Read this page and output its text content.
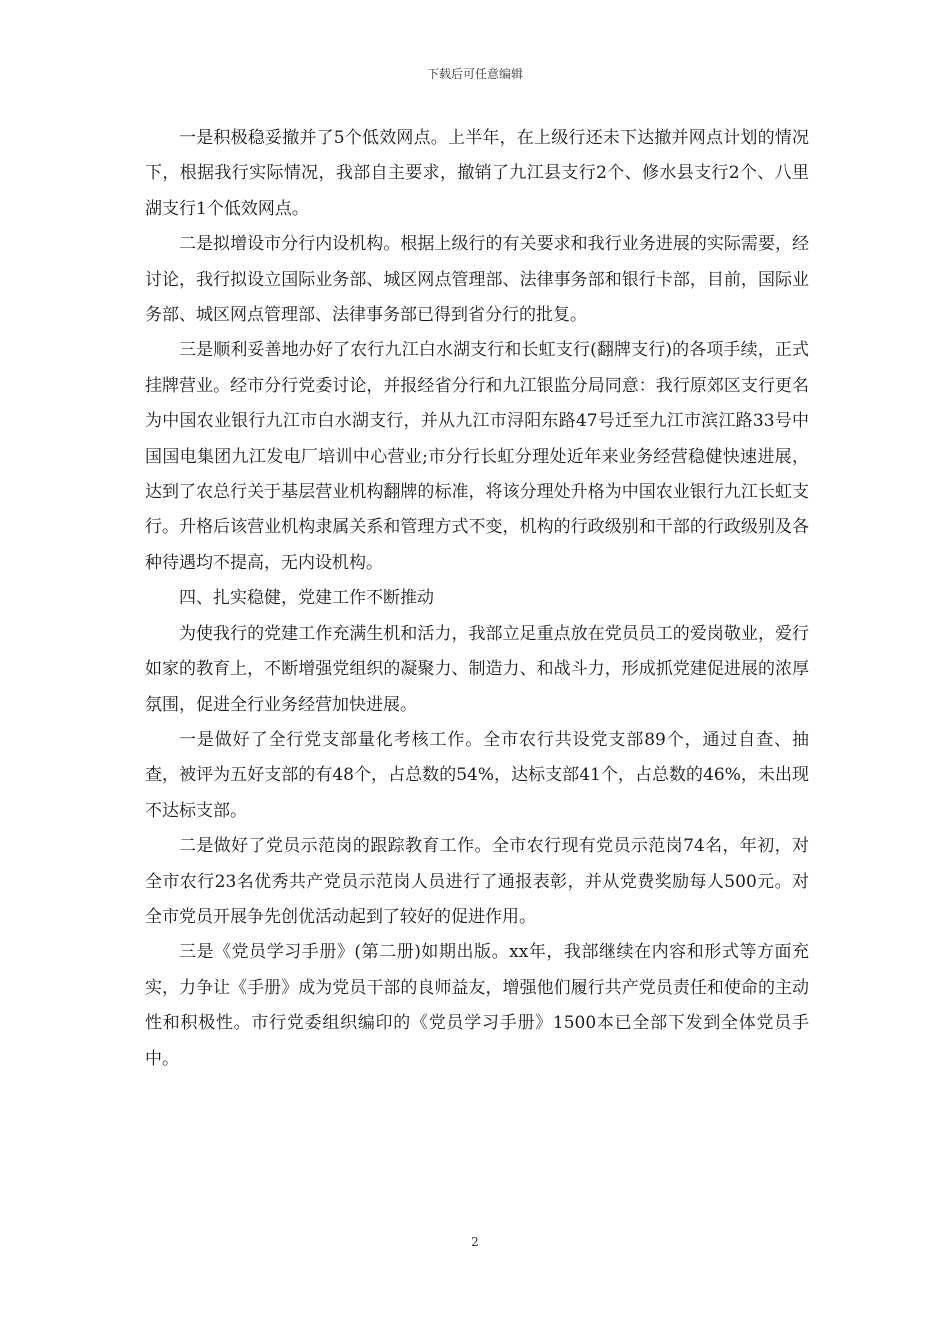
下载后可任意编辑

一是积极稳妥撤并了5个低效网点。上半年，在上级行还未下达撤并网点计划的情况下，根据我行实际情况，我部自主要求，撤销了九江县支行2个、修水县支行2个、八里湖支行1个低效网点。

二是拟增设市分行内设机构。根据上级行的有关要求和我行业务进展的实际需要，经讨论，我行拟设立国际业务部、城区网点管理部、法律事务部和银行卡部，目前，国际业务部、城区网点管理部、法律事务部已得到省分行的批复。

三是顺利妥善地办好了农行九江白水湖支行和长虹支行(翻牌支行)的各项手续，正式挂牌营业。经市分行党委讨论，并报经省分行和九江银监分局同意：我行原郊区支行更名为中国农业银行九江市白水湖支行，并从九江市浔阳东路47号迁至九江市滨江路33号中国国电集团九江发电厂培训中心营业;市分行长虹分理处近年来业务经营稳健快速进展，达到了农总行关于基层营业机构翻牌的标准，将该分理处升格为中国农业银行九江长虹支行。升格后该营业机构隶属关系和管理方式不变，机构的行政级别和干部的行政级别及各种待遇均不提高，无内设机构。

四、扎实稳健，党建工作不断推动

为使我行的党建工作充满生机和活力，我部立足重点放在党员员工的爱岗敬业，爱行如家的教育上，不断增强党组织的凝聚力、制造力、和战斗力，形成抓党建促进展的浓厚氛围，促进全行业务经营加快进展。

一是做好了全行党支部量化考核工作。全市农行共设党支部89个，通过自查、抽查，被评为五好支部的有48个，占总数的54%，达标支部41个，占总数的46%，未出现不达标支部。

二是做好了党员示范岗的跟踪教育工作。全市农行现有党员示范岗74名，年初，对全市农行23名优秀共产党员示范岗人员进行了通报表彰，并从党费奖励每人500元。对全市党员开展争先创优活动起到了较好的促进作用。

三是《党员学习手册》(第二册)如期出版。xx年，我部继续在内容和形式等方面充实，力争让《手册》成为党员干部的良师益友，增强他们履行共产党员责任和使命的主动性和积极性。市行党委组织编印的《党员学习手册》1500本已全部下发到全体党员手中。

2
